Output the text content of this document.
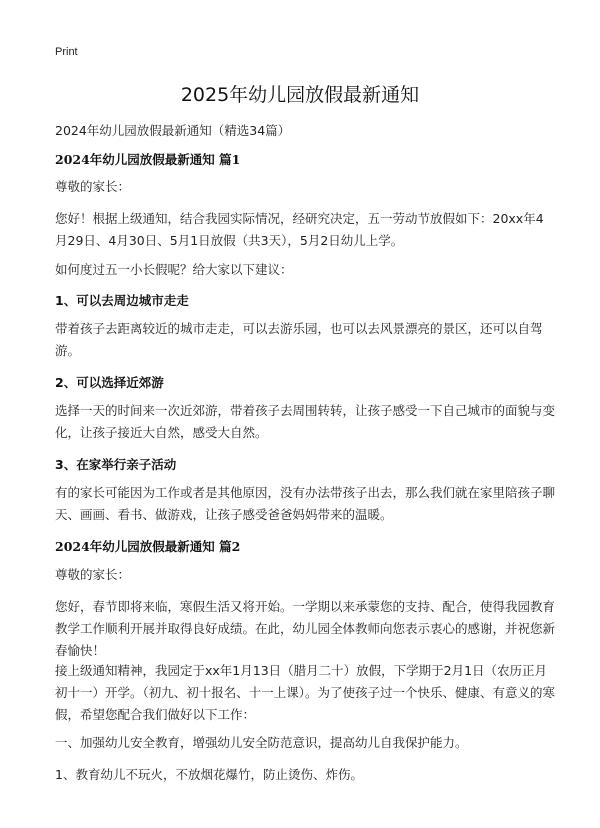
Print
2025年幼儿园放假最新通知
2024年幼儿园放假最新通知（精选34篇）
2024年幼儿园放假最新通知 篇1

尊敬的家长：

您好！根据上级通知，结合我园实际情况，经研究决定，五一劳动节放假如下：20xx年4月29日、4月30日、5月1日放假（共3天），5月2日幼儿上学。

如何度过五一小长假呢？给大家以下建议：

1、可以去周边城市走走

带着孩子去距离较近的城市走走，可以去游乐园，也可以去风景漂亮的景区，还可以自驾游。

2、可以选择近郊游

选择一天的时间来一次近郊游，带着孩子去周围转转，让孩子感受一下自己城市的面貌与变化，让孩子接近大自然，感受大自然。

3、在家举行亲子活动

有的家长可能因为工作或者是其他原因，没有办法带孩子出去，那么我们就在家里陪孩子聊天、画画、看书、做游戏，让孩子感受爸爸妈妈带来的温暖。

2024年幼儿园放假最新通知 篇2

尊敬的家长：

您好，春节即将来临，寒假生活又将开始。一学期以来承蒙您的支持、配合，使得我园教育教学工作顺利开展并取得良好成绩。在此，幼儿园全体教师向您表示衷心的感谢，并祝您新春愉快！

接上级通知精神，我园定于xx年1月13日（腊月二十）放假，下学期于2月1日（农历正月初十一）开学。（初九、初十报名、十一上课）。为了使孩子过一个快乐、健康、有意义的寒假，希望您配合我们做好以下工作：

一、加强幼儿安全教育，增强幼儿安全防范意识，提高幼儿自我保护能力。

1、教育幼儿不玩火，不放烟花爆竹，防止烫伤、炸伤。
